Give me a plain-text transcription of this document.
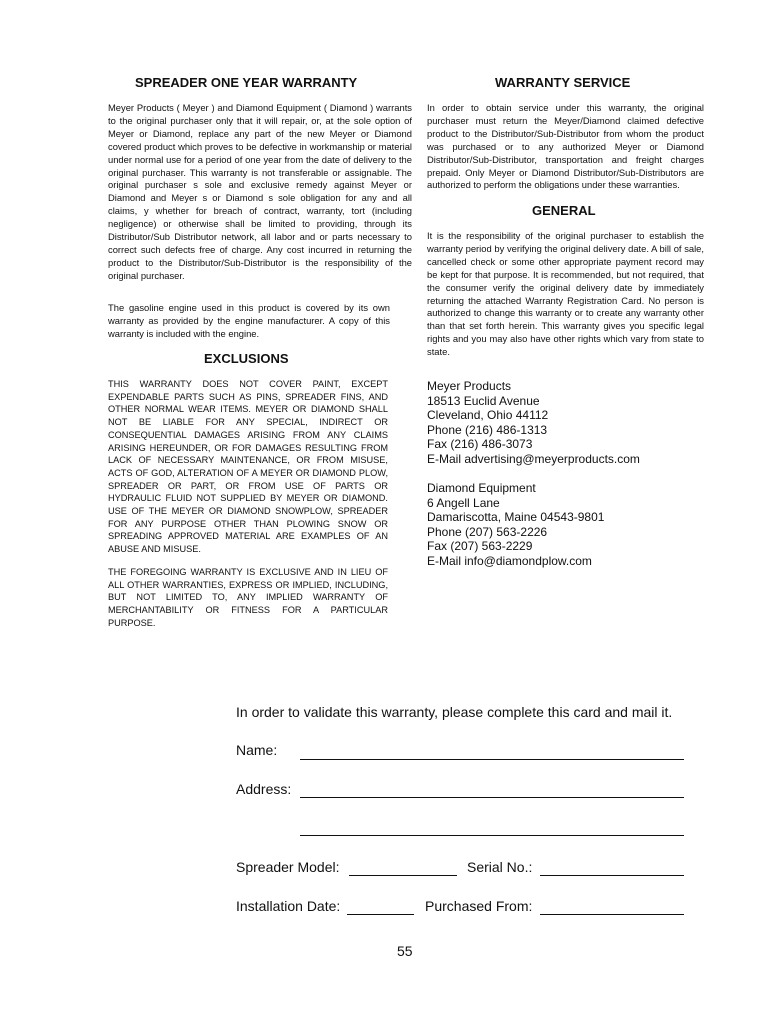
SPREADER ONE YEAR WARRANTY

Meyer Products ( Meyer ) and Diamond Equipment ( Diamond ) warrants to the original purchaser only that it will repair, or, at the sole option of Meyer or Diamond, replace any part of the new Meyer or Diamond covered product which proves to be defective in workmanship or material under normal use for a period of one year from the date of delivery to the original purchaser. This warranty is not transferable or assignable. The original purchaser s sole and exclusive remedy against Meyer or Diamond and Meyer s or Diamond s sole obligation for any and all claims, y whether for breach of contract, warranty, tort (including negligence) or otherwise shall be limited to providing, through its Distributor/Sub Distributor network, all labor and or parts necessary to correct such defects free of charge. Any cost incurred in returning the product to the Distributor/Sub-Distributor is the responsibility of the original purchaser.

The gasoline engine used in this product is covered by its own warranty as provided by the engine manufacturer. A copy of this warranty is included with the engine.

EXCLUSIONS

THIS WARRANTY DOES NOT COVER PAINT, EXCEPT EXPENDABLE PARTS SUCH AS PINS, SPREADER FINS, AND OTHER NORMAL WEAR ITEMS. MEYER OR DIAMOND SHALL NOT BE LIABLE FOR ANY SPECIAL, INDIRECT OR CONSEQUENTIAL DAMAGES ARISING FROM ANY CLAIMS ARISING HEREUNDER, OR FOR DAMAGES RESULTING FROM LACK OF NECESSARY MAINTENANCE, OR FROM MISUSE, ACTS OF GOD, ALTERATION OF A MEYER OR DIAMOND PLOW, SPREADER OR PART, OR FROM USE OF PARTS OR HYDRAULIC FLUID NOT SUPPLIED BY MEYER OR DIAMOND. USE OF THE MEYER OR DIAMOND SNOWPLOW, SPREADER FOR ANY PURPOSE OTHER THAN PLOWING SNOW OR SPREADING APPROVED MATERIAL ARE EXAMPLES OF AN ABUSE AND MISUSE.

THE FOREGOING WARRANTY IS EXCLUSIVE AND IN LIEU OF ALL OTHER WARRANTIES, EXPRESS OR IMPLIED, INCLUDING, BUT NOT LIMITED TO, ANY IMPLIED WARRANTY OF MERCHANTABILITY OR FITNESS FOR A PARTICULAR PURPOSE.

WARRANTY SERVICE

In order to obtain service under this warranty, the original purchaser must return the Meyer/Diamond claimed defective product to the Distributor/Sub-Distributor from whom the product was purchased or to any authorized Meyer or Diamond Distributor/Sub-Distributor, transportation and freight charges prepaid. Only Meyer or Diamond Distributor/Sub-Distributors are authorized to perform the obligations under these warranties.

GENERAL

It is the responsibility of the original purchaser to establish the warranty period by verifying the original delivery date. A bill of sale, cancelled check or some other appropriate payment record may be kept for that purpose. It is recommended, but not required, that the consumer verify the original delivery date by immediately returning the attached Warranty Registration Card. No person is authorized to change this warranty or to create any warranty other than that set forth herein. This warranty gives you specific legal rights and you may also have other rights which vary from state to state.

Meyer Products
18513 Euclid Avenue
Cleveland, Ohio 44112
Phone (216) 486-1313
Fax (216) 486-3073
E-Mail advertising@meyerproducts.com
Diamond Equipment
6 Angell Lane
Damariscotta, Maine 04543-9801
Phone (207) 563-2226
Fax (207) 563-2229
E-Mail info@diamondplow.com
In order to validate this warranty, please complete this card and mail it.
Name:
Address:
Spreader Model:	Serial No.:
Installation Date:	Purchased From:
55
